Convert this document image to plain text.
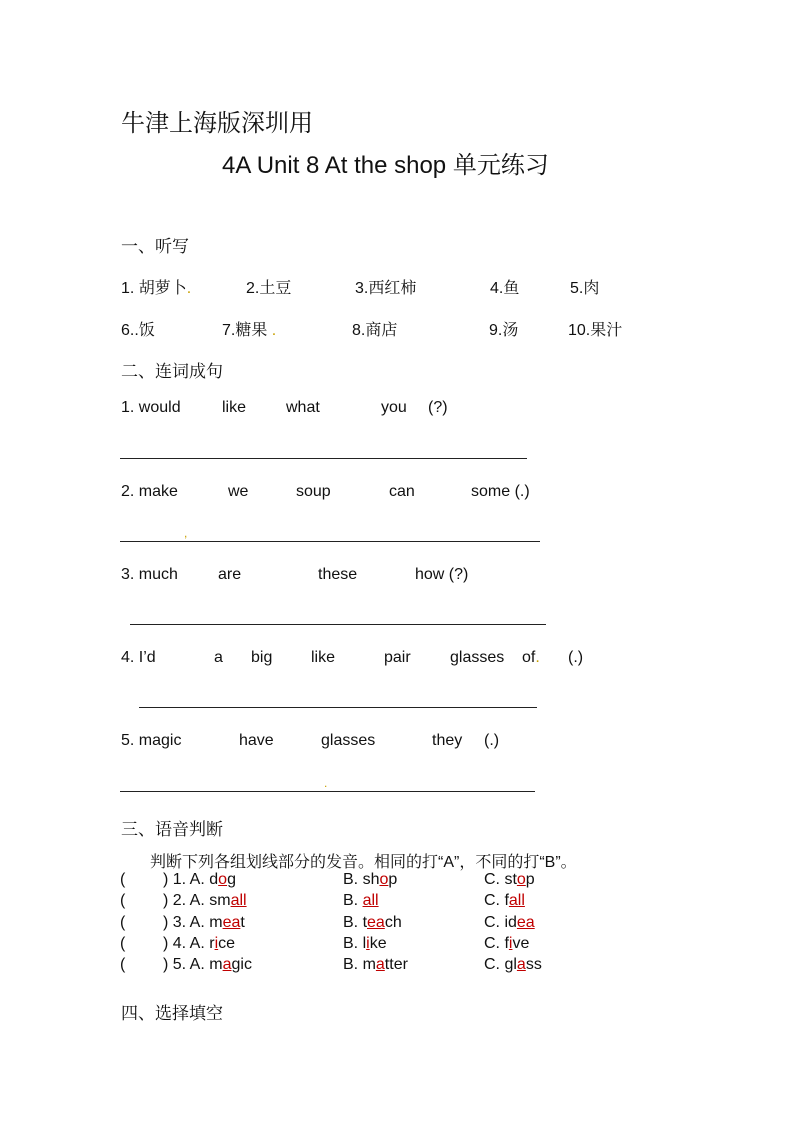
牛津上海版深圳用
4A Unit 8 At the shop 单元练习
一、听写
1. 胡萝卜.	2.土豆	3.西红柿	4.鱼	5.肉
6..饭	7.糖果 .	8.商店	9.汤	10.果汁
二、连词成句
1. would	like what	you (?)
2. make	we	soup	can	some (.)
,
3. much	are	these	how (?)
4. I’d	a big like	pair glasses of. (.)
5. magic	have	glasses	they (.)
.
三、语音判断
判断下列各组划线部分的发音。相同的打“A”，不同的打“B”。
( ) 1. A. dog	B. shop	C. stop
( ) 2. A. small	B. all	C. fall
( ) 3. A. meat	B. teach	C. idea
( ) 4. A. rice	B. like	C. five
( ) 5. A. magic	B. matter	C. glass
四、选择填空
